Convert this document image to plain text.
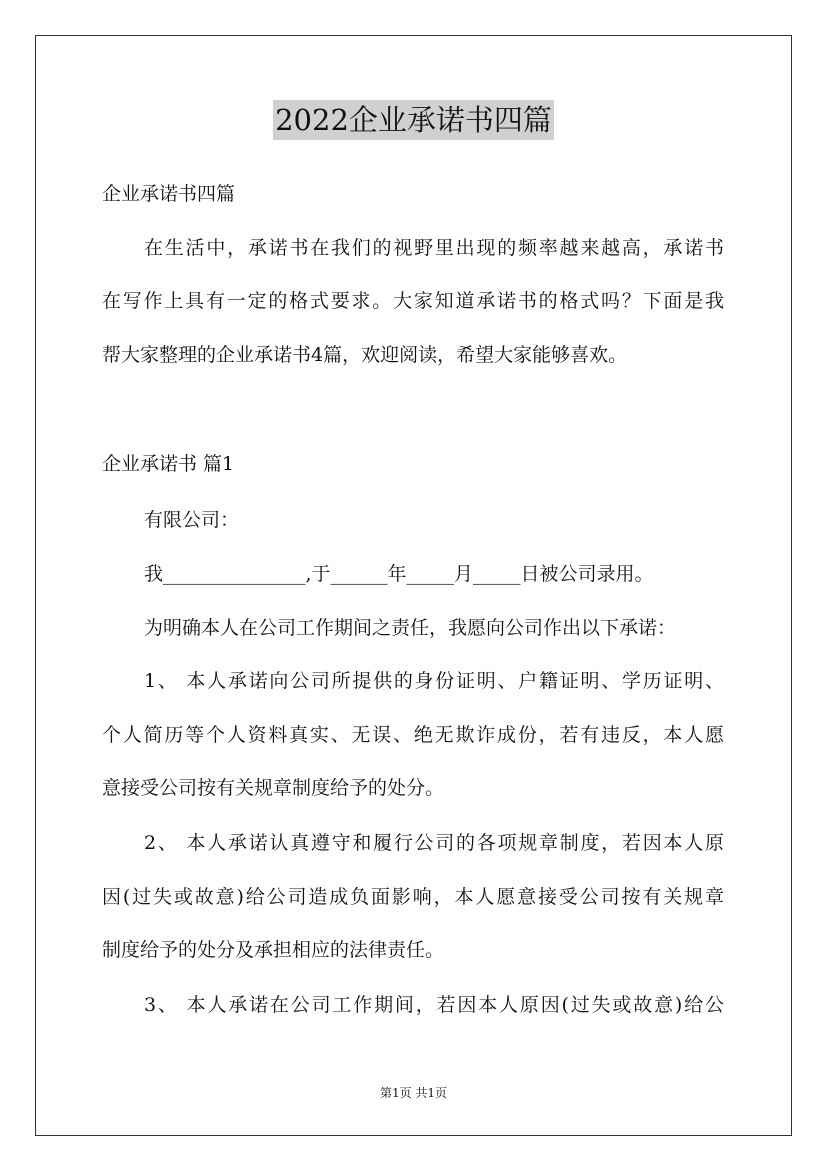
2022企业承诺书四篇
企业承诺书四篇
在生活中，承诺书在我们的视野里出现的频率越来越高，承诺书
在写作上具有一定的格式要求。大家知道承诺书的格式吗？下面是我
帮大家整理的企业承诺书4篇，欢迎阅读，希望大家能够喜欢。
企业承诺书 篇1
有限公司：
我_______________,于______年_____月_____日被公司录用。
为明确本人在公司工作期间之责任，我愿向公司作出以下承诺：
1、 本人承诺向公司所提供的身份证明、户籍证明、学历证明、
个人简历等个人资料真实、无误、绝无欺诈成份，若有违反，本人愿
意接受公司按有关规章制度给予的处分。
2、 本人承诺认真遵守和履行公司的各项规章制度，若因本人原
因(过失或故意)给公司造成负面影响，本人愿意接受公司按有关规章
制度给予的处分及承担相应的法律责任。
3、 本人承诺在公司工作期间，若因本人原因(过失或故意)给公
第1页 共1页
